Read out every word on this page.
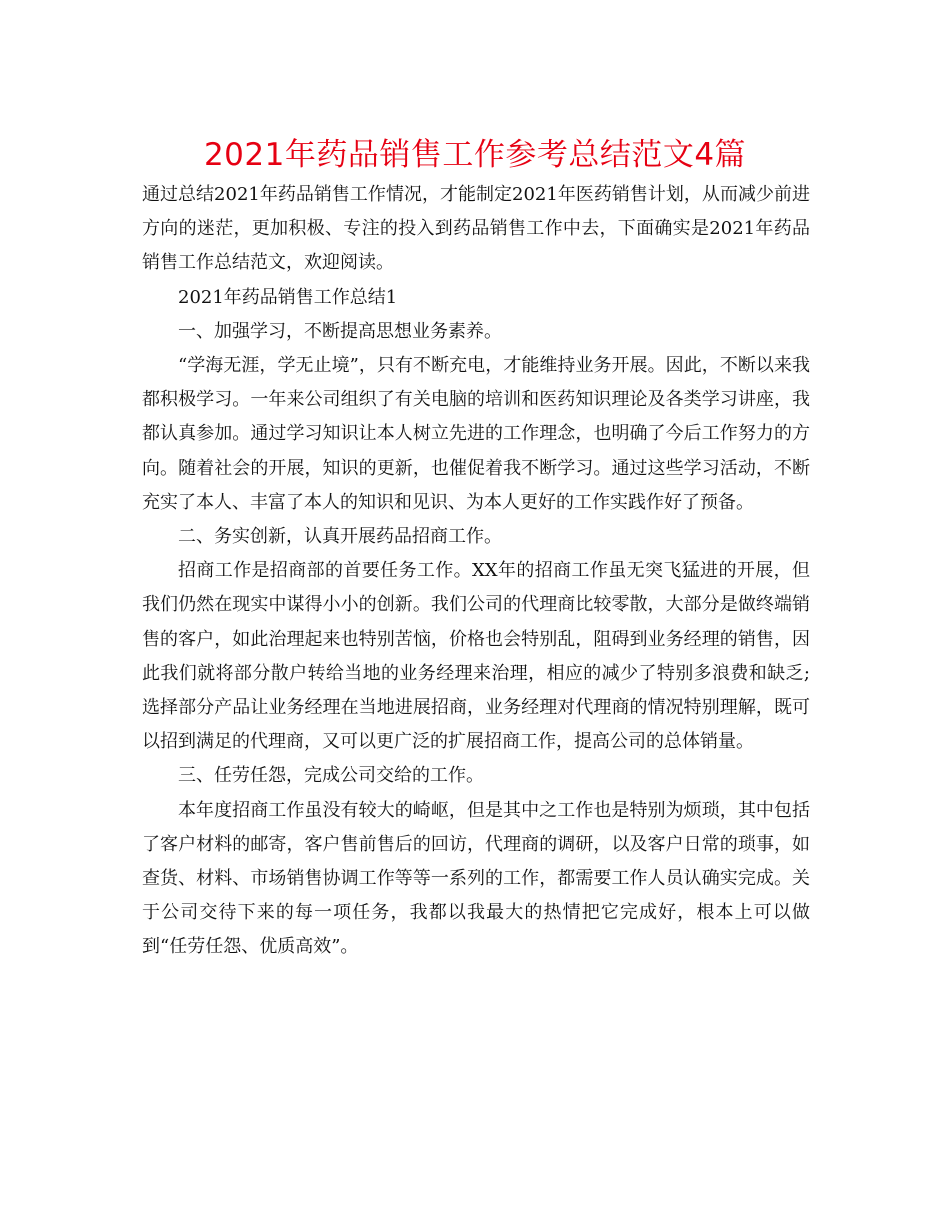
2021年药品销售工作参考总结范文4篇

通过总结2021年药品销售工作情况，才能制定2021年医药销售计划，从而减少前进方向的迷茫，更加积极、专注的投入到药品销售工作中去，下面确实是2021年药品销售工作总结范文，欢迎阅读。

2021年药品销售工作总结1

一、加强学习，不断提高思想业务素养。

“学海无涯，学无止境”，只有不断充电，才能维持业务开展。因此，不断以来我都积极学习。一年来公司组织了有关电脑的培训和医药知识理论及各类学习讲座，我都认真参加。通过学习知识让本人树立先进的工作理念，也明确了今后工作努力的方向。随着社会的开展，知识的更新，也催促着我不断学习。通过这些学习活动，不断充实了本人、丰富了本人的知识和见识、为本人更好的工作实践作好了预备。

二、务实创新，认真开展药品招商工作。

招商工作是招商部的首要任务工作。XX年的招商工作虽无突飞猛进的开展，但我们仍然在现实中谋得小小的创新。我们公司的代理商比较零散，大部分是做终端销售的客户，如此治理起来也特别苦恼，价格也会特别乱，阻碍到业务经理的销售，因此我们就将部分散户转给当地的业务经理来治理，相应的减少了特别多浪费和缺乏;选择部分产品让业务经理在当地进展招商，业务经理对代理商的情况特别理解，既可以招到满足的代理商，又可以更广泛的扩展招商工作，提高公司的总体销量。

三、任劳任怨，完成公司交给的工作。

本年度招商工作虽没有较大的崎岖，但是其中之工作也是特别为烦琐，其中包括了客户材料的邮寄，客户售前售后的回访，代理商的调研，以及客户日常的琐事，如查货、材料、市场销售协调工作等等一系列的工作，都需要工作人员认确实完成。关于公司交待下来的每一项任务，我都以我最大的热情把它完成好，根本上可以做到“任劳任怨、优质高效”。
